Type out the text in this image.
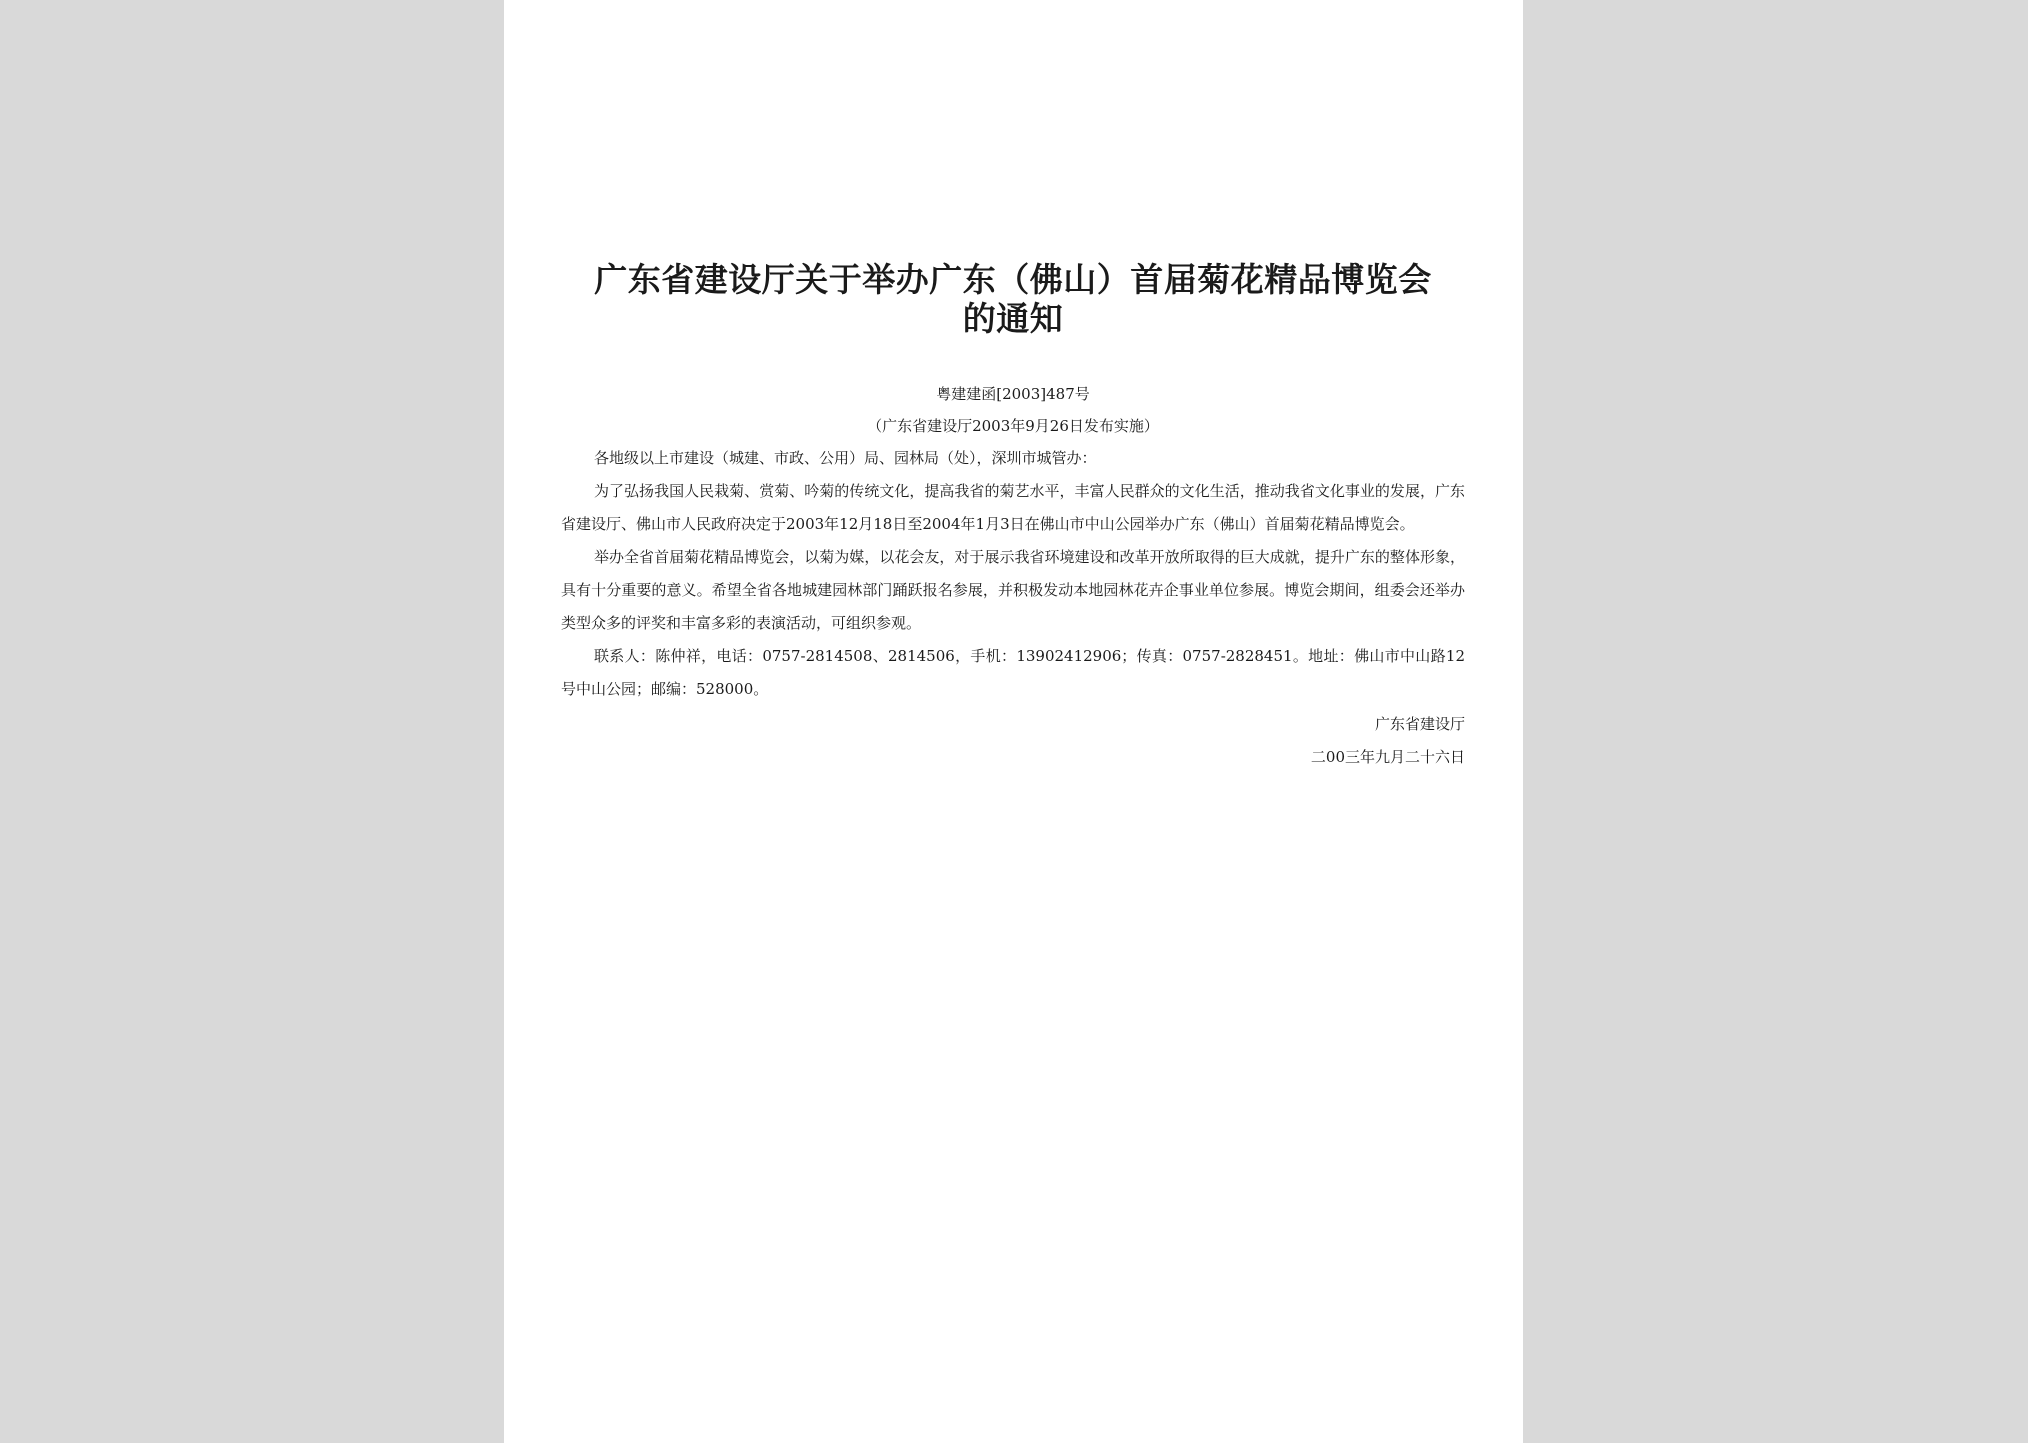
广东省建设厅关于举办广东（佛山）首届菊花精品博览会的通知
粤建建函[2003]487号
（广东省建设厅2003年9月26日发布实施）

各地级以上市建设（城建、市政、公用）局、园林局（处），深圳市城管办：

为了弘扬我国人民栽菊、赏菊、吟菊的传统文化，提高我省的菊艺水平，丰富人民群众的文化生活，推动我省文化事业的发展，广东省建设厅、佛山市人民政府决定于2003年12月18日至2004年1月3日在佛山市中山公园举办广东（佛山）首届菊花精品博览会。

举办全省首届菊花精品博览会，以菊为媒，以花会友，对于展示我省环境建设和改革开放所取得的巨大成就，提升广东的整体形象，具有十分重要的意义。希望全省各地城建园林部门踊跃报名参展，并积极发动本地园林花卉企事业单位参展。博览会期间，组委会还举办类型众多的评奖和丰富多彩的表演活动，可组织参观。

联系人：陈仲祥，电话：0757-2814508、2814506，手机：13902412906；传真：0757-2828451。地址：佛山市中山路12号中山公园；邮编：528000。

广东省建设厅
二00三年九月二十六日
